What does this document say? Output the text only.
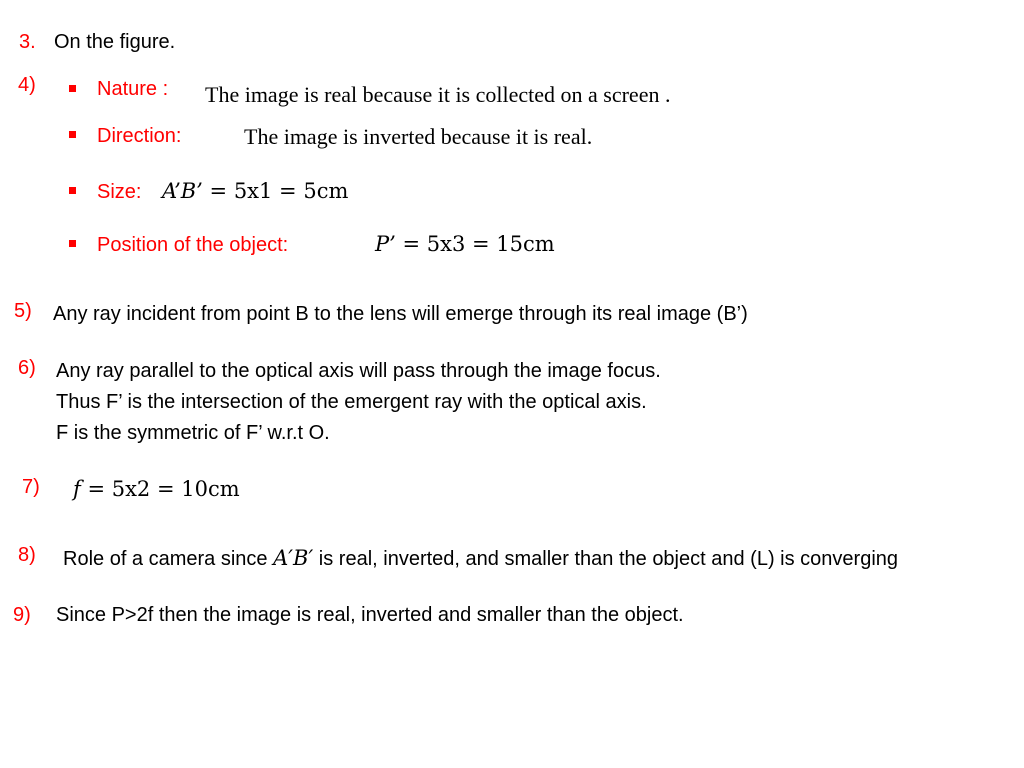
3. On the figure.
4)	Nature : The image is real because it is collected on a screen .
Direction:	The image is inverted because it is real.
Size: A’B’ = 5x1 = 5cm
Position of the object:	P’ = 5x3 = 15cm
5) Any ray incident from point B to the lens will emerge through its real image (B’)
6) Any ray parallel to the optical axis will pass through the image focus.
Thus F’ is the intersection of the emergent ray with the optical axis.
F is the symmetric of F’ w.r.t O.
7) f = 5x2 = 10cm
8) Role of a camera since A′B′ is real, inverted, and smaller than the object and (L) is converging
9) Since P>2f then the image is real, inverted and smaller than the object.
